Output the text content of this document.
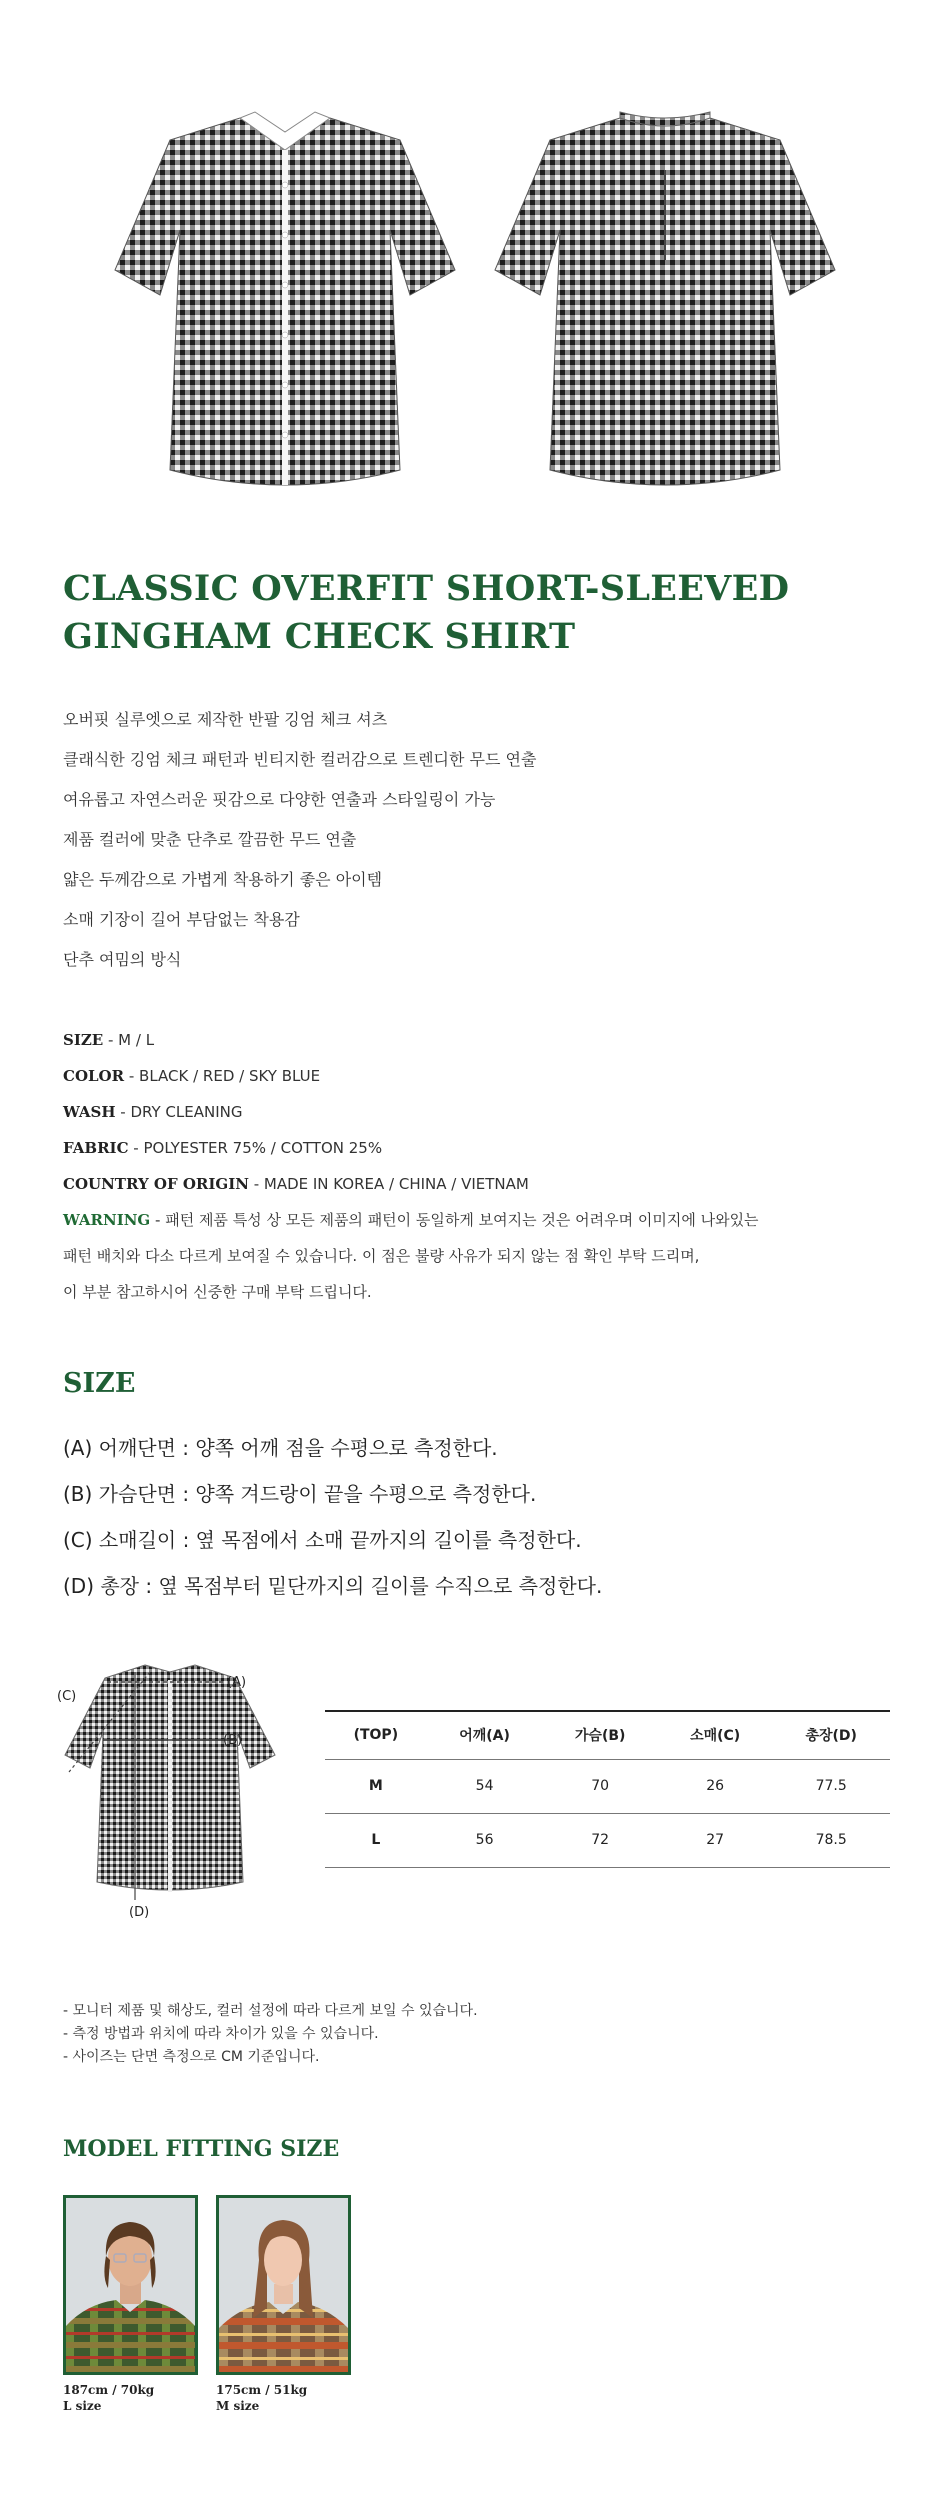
CLASSIC OVERFIT SHORT-SLEEVED GINGHAM CHECK SHIRT
오버핏 실루엣으로 제작한 반팔 깅엄 체크 셔츠
클래식한 깅엄 체크 패턴과 빈티지한 컬러감으로 트렌디한 무드 연출
여유롭고 자연스러운 핏감으로 다양한 연출과 스타일링이 가능
제품 컬러에 맞춘 단추로 깔끔한 무드 연출
얇은 두께감으로 가볍게 착용하기 좋은 아이템
소매 기장이 길어 부담없는 착용감
단추 여밈의 방식
SIZE - M / L
COLOR - BLACK / RED / SKY BLUE
WASH - DRY CLEANING
FABRIC - POLYESTER 75% / COTTON 25%
COUNTRY OF ORIGIN - MADE IN KOREA / CHINA / VIETNAM
WARNING - 패턴 제품 특성 상 모든 제품의 패턴이 동일하게 보여지는 것은 어려우며 이미지에 나와있는
패턴 배치와 다소 다르게 보여질 수 있습니다. 이 점은 불량 사유가 되지 않는 점 확인 부탁 드리며,
이 부분 참고하시어 신중한 구매 부탁 드립니다.
SIZE
(A) 어깨단면 : 양쪽 어깨 점을 수평으로 측정한다.
(B) 가슴단면 : 양쪽 겨드랑이 끝을 수평으로 측정한다.
(C) 소매길이 : 옆 목점에서 소매 끝까지의 길이를 측정한다.
(D) 총장 : 옆 목점부터 밑단까지의 길이를 수직으로 측정한다.
(A)
(B)
(C)
(D)
(TOP)	어깨(A)	가슴(B)	소매(C)	총장(D)
M	54	70	26	77.5
L	56	72	27	78.5
- 모니터 제품 및 해상도, 컬러 설정에 따라 다르게 보일 수 있습니다.
- 측정 방법과 위치에 따라 차이가 있을 수 있습니다.
- 사이즈는 단면 측정으로 CM 기준입니다.
MODEL FITTING SIZE
187cm / 70kg
L size
175cm / 51kg
M size
